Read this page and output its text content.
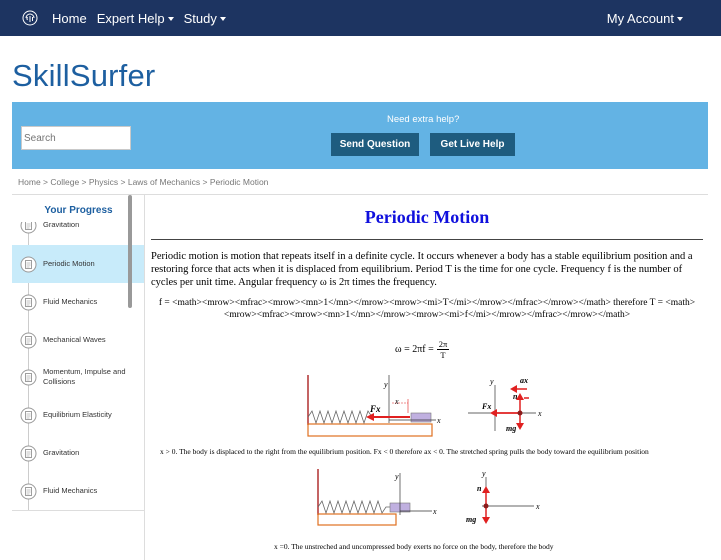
Home Expert Help	Study	My Account
SkillSurfer
Search
Need extra help?
Send Question	Get Live Help
Home > College > Physics > Laws of Mechanics > Periodic Motion
Your Progress
Gravitation
Periodic Motion
Fluid Mechanics
Mechanical Waves
Momentum, Impulse and Collisions
Equilibrium Elasticity
Gravitation
Fluid Mechanics
Periodic Motion
Periodic motion is motion that repeats itself in a definite cycle. It occurs whenever a body has a stable equilibrium position and a restoring force that acts when it is displaced from equilibrium. Period T is the time for one cycle. Frequency f is the number of cycles per unit time. Angular frequency ω is 2π times the frequency.
f = <math><mrow><mfrac><mrow><mn>1</mn></mrow><mrow><mi>T</mi></mrow></mfrac></mrow></math> therefore T = <math><mrow><mfrac><mrow><mn>1</mn></mrow><mrow><mi>f</mi></mrow></mfrac></mrow></math>
$\omega = 2\pi f = \frac{2\pi}{T}$
y
x
x
Fx
y
x
ax
n
Fx
mg
x > 0. The body is displaced to the right from the equilibrium position. Fx < 0 therefore ax < 0. The stretched spring pulls the body toward the equilibrium position
y
x
y
x
n
mg
x =0. The unstreched and uncompressed body exerts no force on the body, therefore the body
